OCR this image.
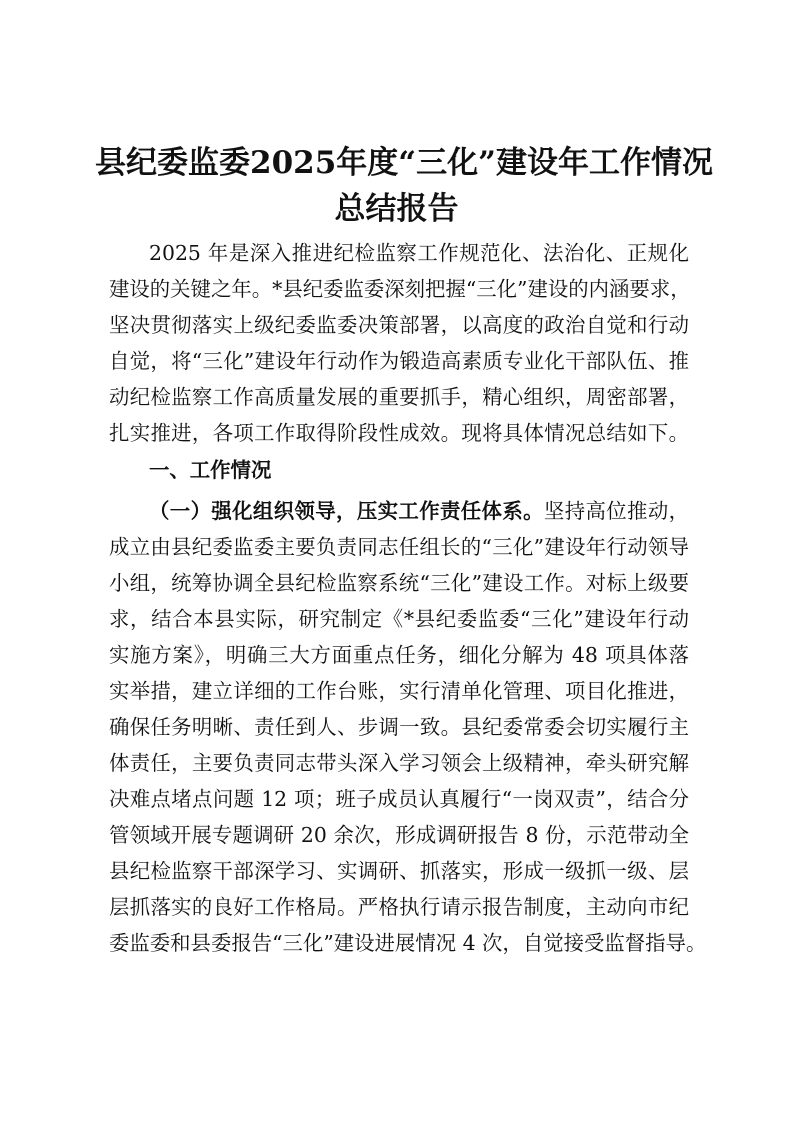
县纪委监委2025年度“三化”建设年工作情况
总结报告
2025 年是深入推进纪检监察工作规范化、法治化、正规化
建设的关键之年。*县纪委监委深刻把握“三化”建设的内涵要求，
坚决贯彻落实上级纪委监委决策部署，以高度的政治自觉和行动
自觉，将“三化”建设年行动作为锻造高素质专业化干部队伍、推
动纪检监察工作高质量发展的重要抓手，精心组织，周密部署，
扎实推进，各项工作取得阶段性成效。现将具体情况总结如下。
一、工作情况
（一）强化组织领导，压实工作责任体系。坚持高位推动，
成立由县纪委监委主要负责同志任组长的“三化”建设年行动领导
小组，统筹协调全县纪检监察系统“三化”建设工作。对标上级要
求，结合本县实际，研究制定《*县纪委监委“三化”建设年行动
实施方案》，明确三大方面重点任务，细化分解为 48 项具体落
实举措，建立详细的工作台账，实行清单化管理、项目化推进，
确保任务明晰、责任到人、步调一致。县纪委常委会切实履行主
体责任，主要负责同志带头深入学习领会上级精神，牵头研究解
决难点堵点问题 12 项；班子成员认真履行“一岗双责”，结合分
管领域开展专题调研 20 余次，形成调研报告 8 份，示范带动全
县纪检监察干部深学习、实调研、抓落实，形成一级抓一级、层
层抓落实的良好工作格局。严格执行请示报告制度，主动向市纪
委监委和县委报告“三化”建设进展情况 4 次，自觉接受监督指导。
